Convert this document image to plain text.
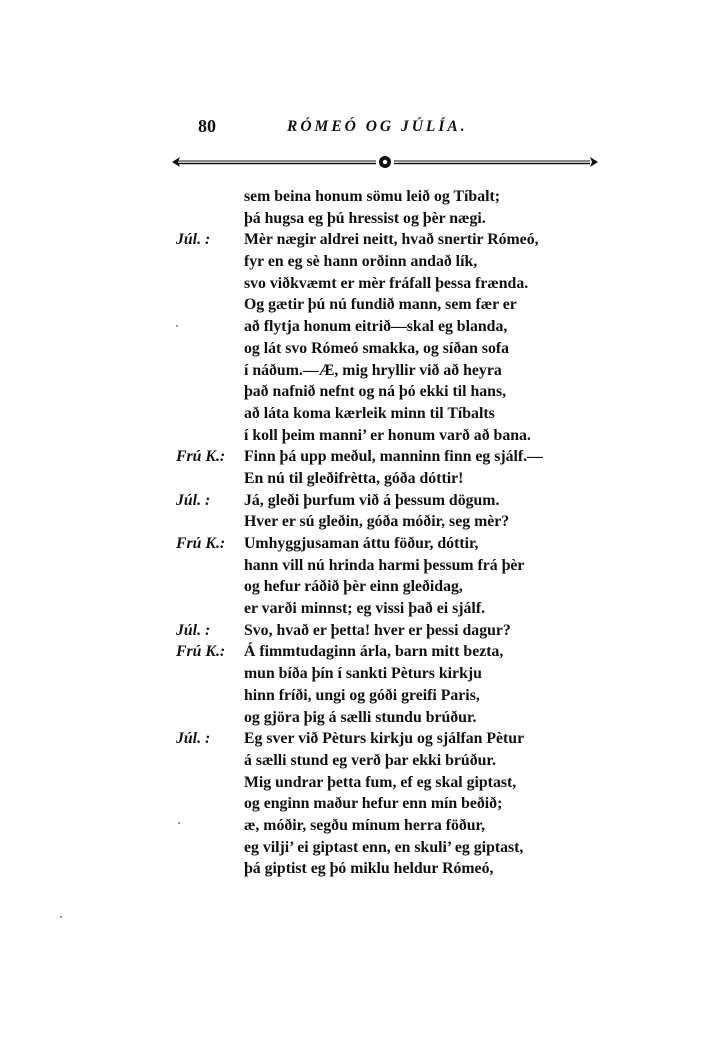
80	RÓMEÓ OG JÚLÍA.
sem beina honum sömu leið og Tíbalt;
þá hugsa eg þú hressist og þèr nægi.
Júl. : Mèr nægir aldrei neitt, hvað snertir Rómeó,
fyr en eg sè hann orðinn andað lík,
svo viðkvæmt er mèr fráfall þessa frænda.
Og gætir þú nú fundið mann, sem fær er
að flytja honum eitrið—skal eg blanda,
og lát svo Rómeó smakka, og síðan sofa
í náðum.—Æ, mig hryllir við að heyra
það nafnið nefnt og ná þó ekki til hans,
að láta koma kærleik minn til Tíbalts
í koll þeim manni’ er honum varð að bana.
Frú K.: Finn þá upp meðul, manninn finn eg sjálf.—
En nú til gleðifrètta, góða dóttir!
Júl. : Já, gleði þurfum við á þessum dögum.
Hver er sú gleðin, góða móðir, seg mèr?
Frú K.: Umhyggjusaman áttu föður, dóttir,
hann vill nú hrinda harmi þessum frá þèr
og hefur ráðið þèr einn gleðidag,
er varði minnst; eg vissi það ei sjálf.
Júl. : Svo, hvað er þetta! hver er þessi dagur?
Frú K.: Á fimmtudaginn árla, barn mitt bezta,
mun bíða þín í sankti Pèturs kirkju
hinn fríði, ungi og góði greifi Paris,
og gjöra þig á sælli stundu brúður.
Júl. : Eg sver við Pèturs kirkju og sjálfan Pètur
á sælli stund eg verð þar ekki brúður.
Mig undrar þetta fum, ef eg skal giptast,
og enginn maður hefur enn mín beðið;
æ, móðir, segðu mínum herra föður,
eg vilji’ ei giptast enn, en skuli’ eg giptast,
þá giptist eg þó miklu heldur Rómeó,
